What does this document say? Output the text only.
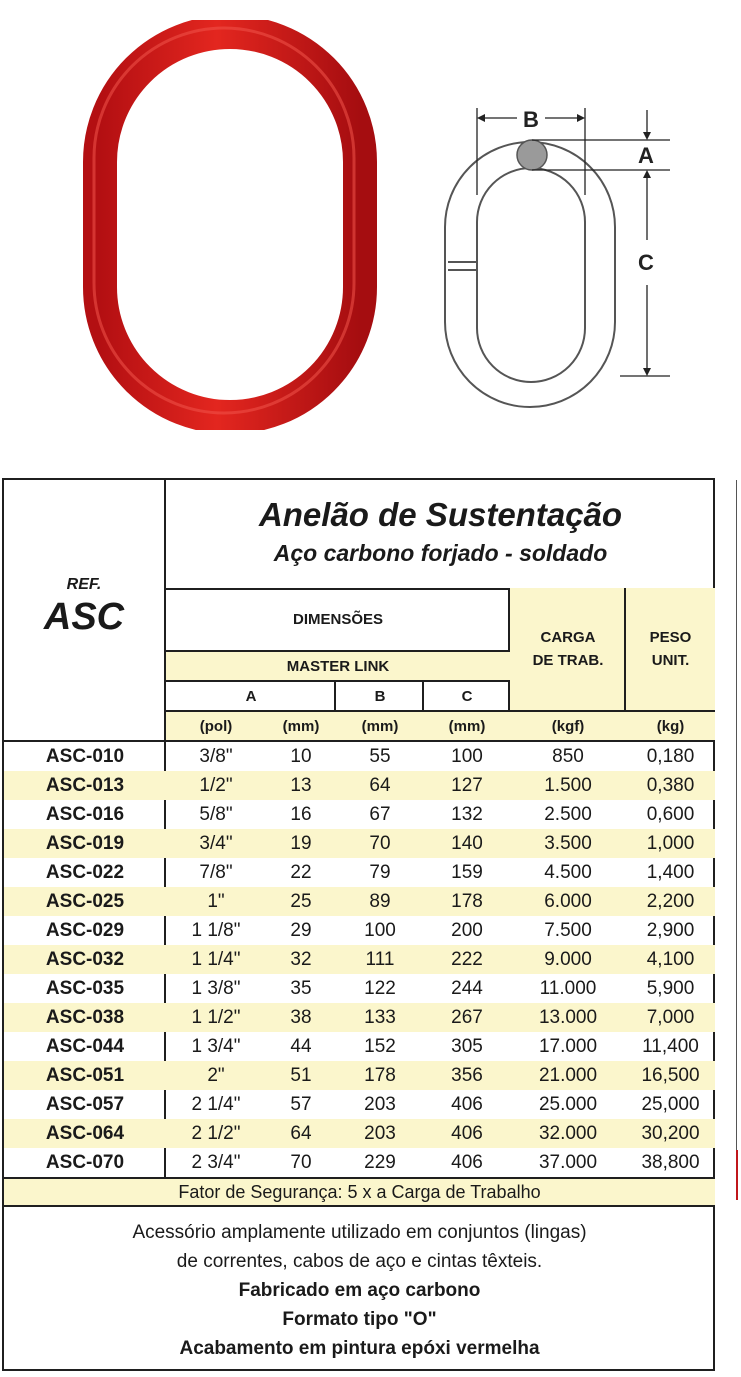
B
A
C
REF.
ASC
Anelão de Sustentação
Aço carbono forjado - soldado
DIMENSÕES
CARGA
DE TRAB.
PESO
UNIT.
MASTER LINK
A	B	C
(pol)	(mm)	(mm)	(mm)	(kgf)	(kg)
ASC-010	3/8"	10	55	100	850	0,180
ASC-013	1/2"	13	64	127	1.500	0,380
ASC-016	5/8"	16	67	132	2.500	0,600
ASC-019	3/4"	19	70	140	3.500	1,000
ASC-022	7/8"	22	79	159	4.500	1,400
ASC-025	1"	25	89	178	6.000	2,200
ASC-029	1 1/8"	29	100	200	7.500	2,900
ASC-032	1 1/4"	32	111	222	9.000	4,100
ASC-035	1 3/8"	35	122	244	11.000	5,900
ASC-038	1 1/2"	38	133	267	13.000	7,000
ASC-044	1 3/4"	44	152	305	17.000	11,400
ASC-051	2"	51	178	356	21.000	16,500
ASC-057	2 1/4"	57	203	406	25.000	25,000
ASC-064	2 1/2"	64	203	406	32.000	30,200
ASC-070	2 3/4"	70	229	406	37.000	38,800
Fator de Segurança: 5 x a Carga de Trabalho
Acessório amplamente utilizado em conjuntos (lingas)
de correntes, cabos de aço e cintas têxteis.
Fabricado em aço carbono
Formato tipo "O"
Acabamento em pintura epóxi vermelha
